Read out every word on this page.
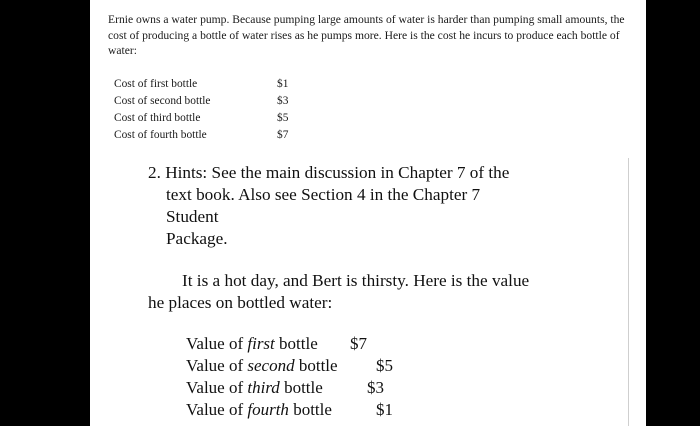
Ernie owns a water pump. Because pumping large amounts of water is harder than pumping small amounts, the cost of producing a bottle of water rises as he pumps more. Here is the cost he incurs to produce each bottle of water:
Cost of first bottle	$1
Cost of second bottle	$3
Cost of third bottle	$5
Cost of fourth bottle	$7
2. Hints: See the main discussion in Chapter 7 of the
text book. Also see Section 4 in the Chapter 7
Student
Package.
It is a hot day, and Bert is thirsty. Here is the value
he places on bottled water:
Value of first bottle $7
Value of second bottle $5
Value of third bottle	$3
Value of fourth bottle	$1
